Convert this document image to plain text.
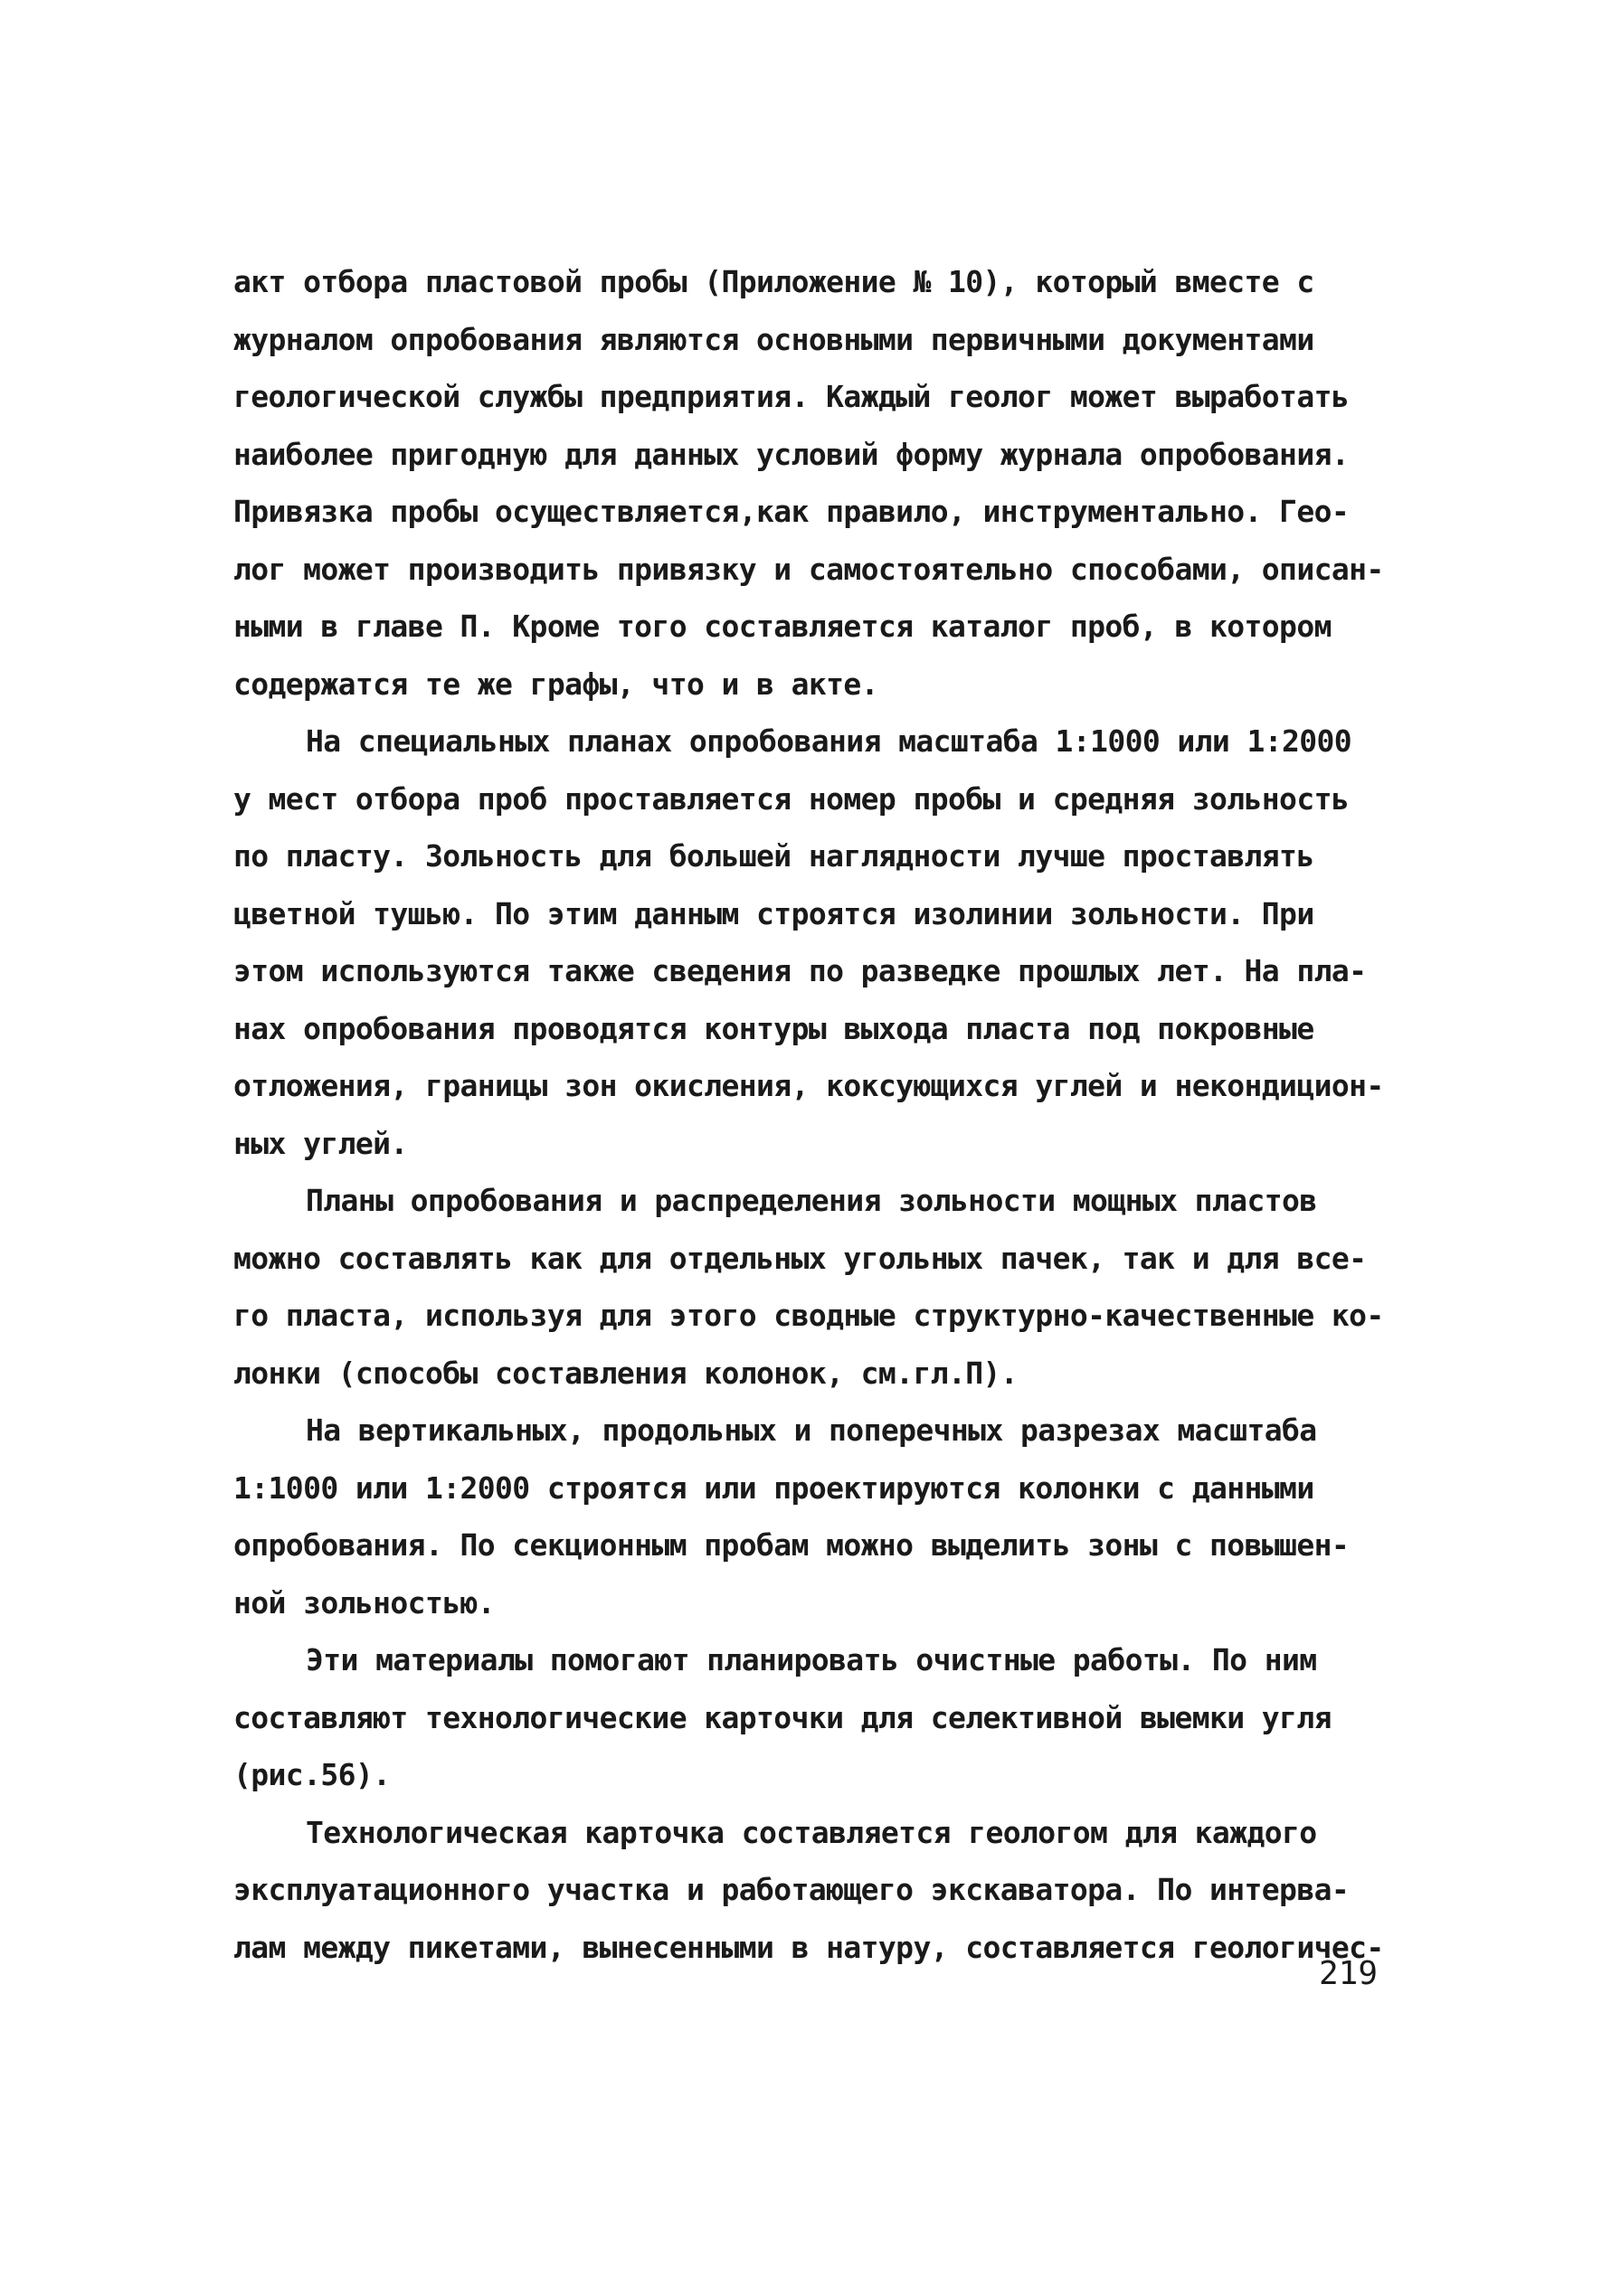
акт отбора пластовой пробы (Приложение № 10), который вместе с
журналом опробования являются основными первичными документами
геологической службы предприятия. Каждый геолог может выработать
наиболее пригодную для данных условий форму журнала опробования.
Привязка пробы осуществляется,как правило, инструментально. Гео-
лог может производить привязку и самостоятельно способами, описан-
ными в главе П. Кроме того составляется каталог проб, в котором
содержатся те же графы, что и в акте.
На специальных планах опробования масштаба 1:1000 или 1:2000
у мест отбора проб проставляется номер пробы и средняя зольность
по пласту. Зольность для большей наглядности лучше проставлять
цветной тушью. По этим данным строятся изолинии зольности. При
этом используются также сведения по разведке прошлых лет. На пла-
нах опробования проводятся контуры выхода пласта под покровные
отложения, границы зон окисления, коксующихся углей и некондицион-
ных углей.
Планы опробования и распределения зольности мощных пластов
можно составлять как для отдельных угольных пачек, так и для все-
го пласта, используя для этого сводные структурно-качественные ко-
лонки (способы составления колонок, см.гл.П).
На вертикальных, продольных и поперечных разрезах масштаба
1:1000 или 1:2000 строятся или проектируются колонки с данными
опробования. По секционным пробам можно выделить зоны с повышен-
ной зольностью.
Эти материалы помогают планировать очистные работы. По ним
составляют технологические карточки для селективной выемки угля
(рис.56).
Технологическая карточка составляется геологом для каждого
эксплуатационного участка и работающего экскаватора. По интерва-
лам между пикетами, вынесенными в натуру, составляется геологичес-
219
